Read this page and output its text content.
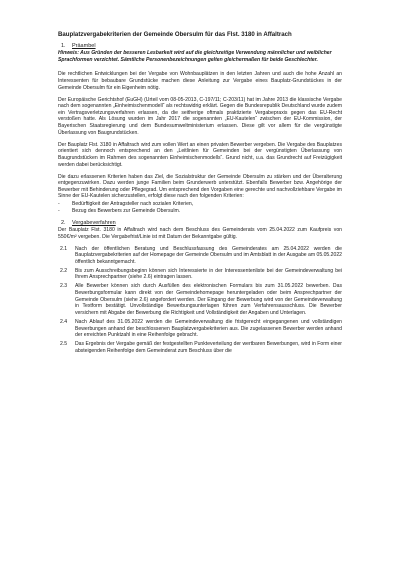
Bauplatzvergabekriterien der Gemeinde Obersulm für das Flst. 3180 in Affaltrach
1.	Präambel
Hinweis: Aus Gründen der besseren Lesbarkeit wird auf die gleichzeitige Verwendung männlicher und weiblicher Sprachformen verzichtet. Sämtliche Personenbezeichnungen gelten gleichermaßen für beide Geschlechter.

Die rechtlichen Entwicklungen bei der Vergabe von Wohnbauplätzen in den letzten Jahren und auch die hohe Anzahl an Interessenten für bebaubare Grundstücke machen diese Anleitung zur Vergabe eines Bauplatz-Grundstückes in der Gemeinde Obersulm für ein Eigenheim nötig.

Der Europäische Gerichtshof (EuGH) (Urteil vom 08-05-2013, C-197/11; C-203/11) hat im Jahre 2013 die klassische Vergabe nach dem sogenannten „Einheimischenmodell“ als rechtswidrig erklärt. Gegen die Bundesrepublik Deutschland wurde zudem ein Vertragsverletzungsverfahren erlassen, da die seitherige oftmals praktizierte Vergabepraxis gegen das EU-Recht verstoßen hatte. Als Lösung wurden im Jahr 2017 die sogenannten „EU-Kautelen“ zwischen der EU-Kommission, der Bayerischen Staatsregierung und dem Bundesumweltministerium erlassen. Diese gilt vor allem für die vergünstigte Überlassung von Baugrundstücken.

Der Bauplatz Flst. 3180 in Affaltrach wird zum vollen Wert an einen privaten Bewerber vergeben. Die Vergabe des Bauplatzes orientiert sich dennoch entsprechend an den „Leitlinien für Gemeinden bei der vergünstigten Überlassung von Baugrundstücken im Rahmen des sogenannten Einheimischenmodells“. Grund nicht, u.a. das Grundrecht auf Freizügigkeit werden dabei berücksichtigt.

Die dazu erlassenen Kriterien haben das Ziel, die Sozialstruktur der Gemeinde Obersulm zu stärken und der Überalterung entgegenzuwirken. Dazu werden junge Familien beim Grunderwerb unterstützt. Ebenfalls Bewerber bzw. Angehörige der Bewerber mit Behinderung oder Pflegegrad. Um entsprechend den Vorgaben eine gerechte und nachvollziehbare Vergabe im Sinne der EU-Kautelen sicherzustellen, erfolgt diese nach den folgenden Kriterien:

-	Bedürftigkeit der Antragsteller nach sozialen Kriterien,
-	Bezug des Bewerbers zur Gemeinde Obersulm.
2.	Vergabeverfahren

Der Bauplatz Flst. 3180 in Affaltrach wird nach dem Beschluss des Gemeinderats vom 25.04.2022 zum Kaufpreis von 550€/m² vergeben. Die Vergabefrist/Linie ist mit Datum der Bekanntgabe gültig.

2.1	Nach der öffentlichen Beratung und Beschlussfassung des Gemeinderates am 25.04.2022 werden die Bauplatzvergabekriterien auf der Homepage der Gemeinde Obersulm und im Amtsblatt in der Ausgabe am 05.05.2022 öffentlich bekanntgemacht.
2.2	Bis zum Ausschreibungsbeginn können sich Interessierte in der Interessentenliste bei der Gemeindeverwaltung bei Ihrem Ansprechpartner (siehe 2.6) eintragen lassen.
2.3	Alle Bewerber können sich durch Ausfüllen des elektronischen Formulars bis zum 31.05.2022 bewerben. Das Bewerbungsformular kann direkt von der Gemeindehomepage heruntergeladen oder beim Ansprechpartner der Gemeinde Obersulm (siehe 2.6) angefordert werden. Der Eingang der Bewerbung wird von der Gemeindeverwaltung in Textform bestätigt. Unvollständige Bewerbungsunterlagen führen zum Verfahrensausschluss. Die Bewerber versichern mit Abgabe der Bewerbung die Richtigkeit und Vollständigkeit der Angaben und Unterlagen.
2.4	Nach Ablauf des 31.05.2022 werden die Gemeindeverwaltung die fristgerecht eingegangenen und vollständigen Bewerbungen anhand der beschlossenen Bauplatzvergabekriterien aus. Die zugelassenen Bewerber werden anhand der erreichten Punktzahl in eine Reihenfolge gebracht.
2.5	Das Ergebnis der Vergabe gemäß der festgestellten Punkteverteilung der wertbaren Bewerbungen, wird in Form einer absteigenden Reihenfolge dem Gemeinderat zum Beschluss über die
